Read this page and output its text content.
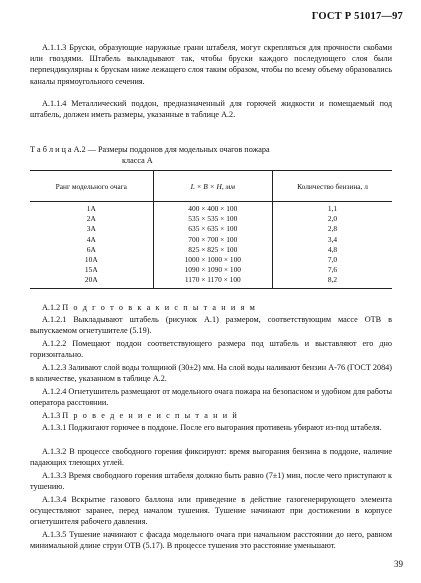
ГОСТ Р 51017—97
А.1.1.3 Бруски, образующие наружные грани штабеля, могут скрепляться для прочности скобами или гвоздями. Штабель выкладывают так, чтобы бруски каждого последующего слоя были перпендикулярны к брускам ниже лежащего слоя таким образом, чтобы по всему объему образовались каналы прямоугольного сечения.
А.1.1.4 Металлический поддон, предназначенный для горючей жидкости и помещаемый под штабель, должен иметь размеры, указанные в таблице А.2.
Т а б л и ц а А.2 — Размеры поддонов для модельных очагов пожара
класса А
Ранг модельного очага	L × B × H, мм	Количество бензина, л
1А	400 × 400 × 100	1,1
2А	535 × 535 × 100	2,0
3А	635 × 635 × 100	2,8
4А	700 × 700 × 100	3,4
6А	825 × 825 × 100	4,8
10А	1000 × 1000 × 100	7,0
15А	1090 × 1090 × 100	7,6
20А	1170 × 1170 × 100	8,2
А.1.2 П о д г о т о в к а к и с п ы т а н и я м
А.1.2.1 Выкладывают штабель (рисунок А.1) размером, соответствующим массе ОТВ в выпускаемом огнетушителе (5.19).
А.1.2.2 Помещают поддон соответствующего размера под штабель и выставляют его дно горизонтально.
А.1.2.3 Заливают слой воды толщиной (30±2) мм. На слой воды наливают бензин А-76 (ГОСТ 2084) в количестве, указанном в таблице А.2.
А.1.2.4 Огнетушитель размещают от модельного очага пожара на безопасном и удобном для работы оператора расстоянии.
А.1.3 П р о в е д е н и е и с п ы т а н и й
А.1.3.1 Поджигают горючее в поддоне. После его выгорания противень убирают из-под штабеля.
А.1.3.2 В процессе свободного горения фиксируют: время выгорания бензина в поддоне, наличие падающих тлеющих углей.
А.1.3.3 Время свободного горения штабеля должно быть равно (7±1) мин, после чего приступают к тушению.
А.1.3.4 Вскрытие газового баллона или приведение в действие газогенерирующего элемента осуществляют заранее, перед началом тушения. Тушение начинают при достижении в корпусе огнетушителя рабочего давления.
А.1.3.5 Тушение начинают с фасада модельного очага при начальном расстоянии до него, равном минимальной длине струи ОТВ (5.17). В процессе тушения это расстояние уменьшают.
39
